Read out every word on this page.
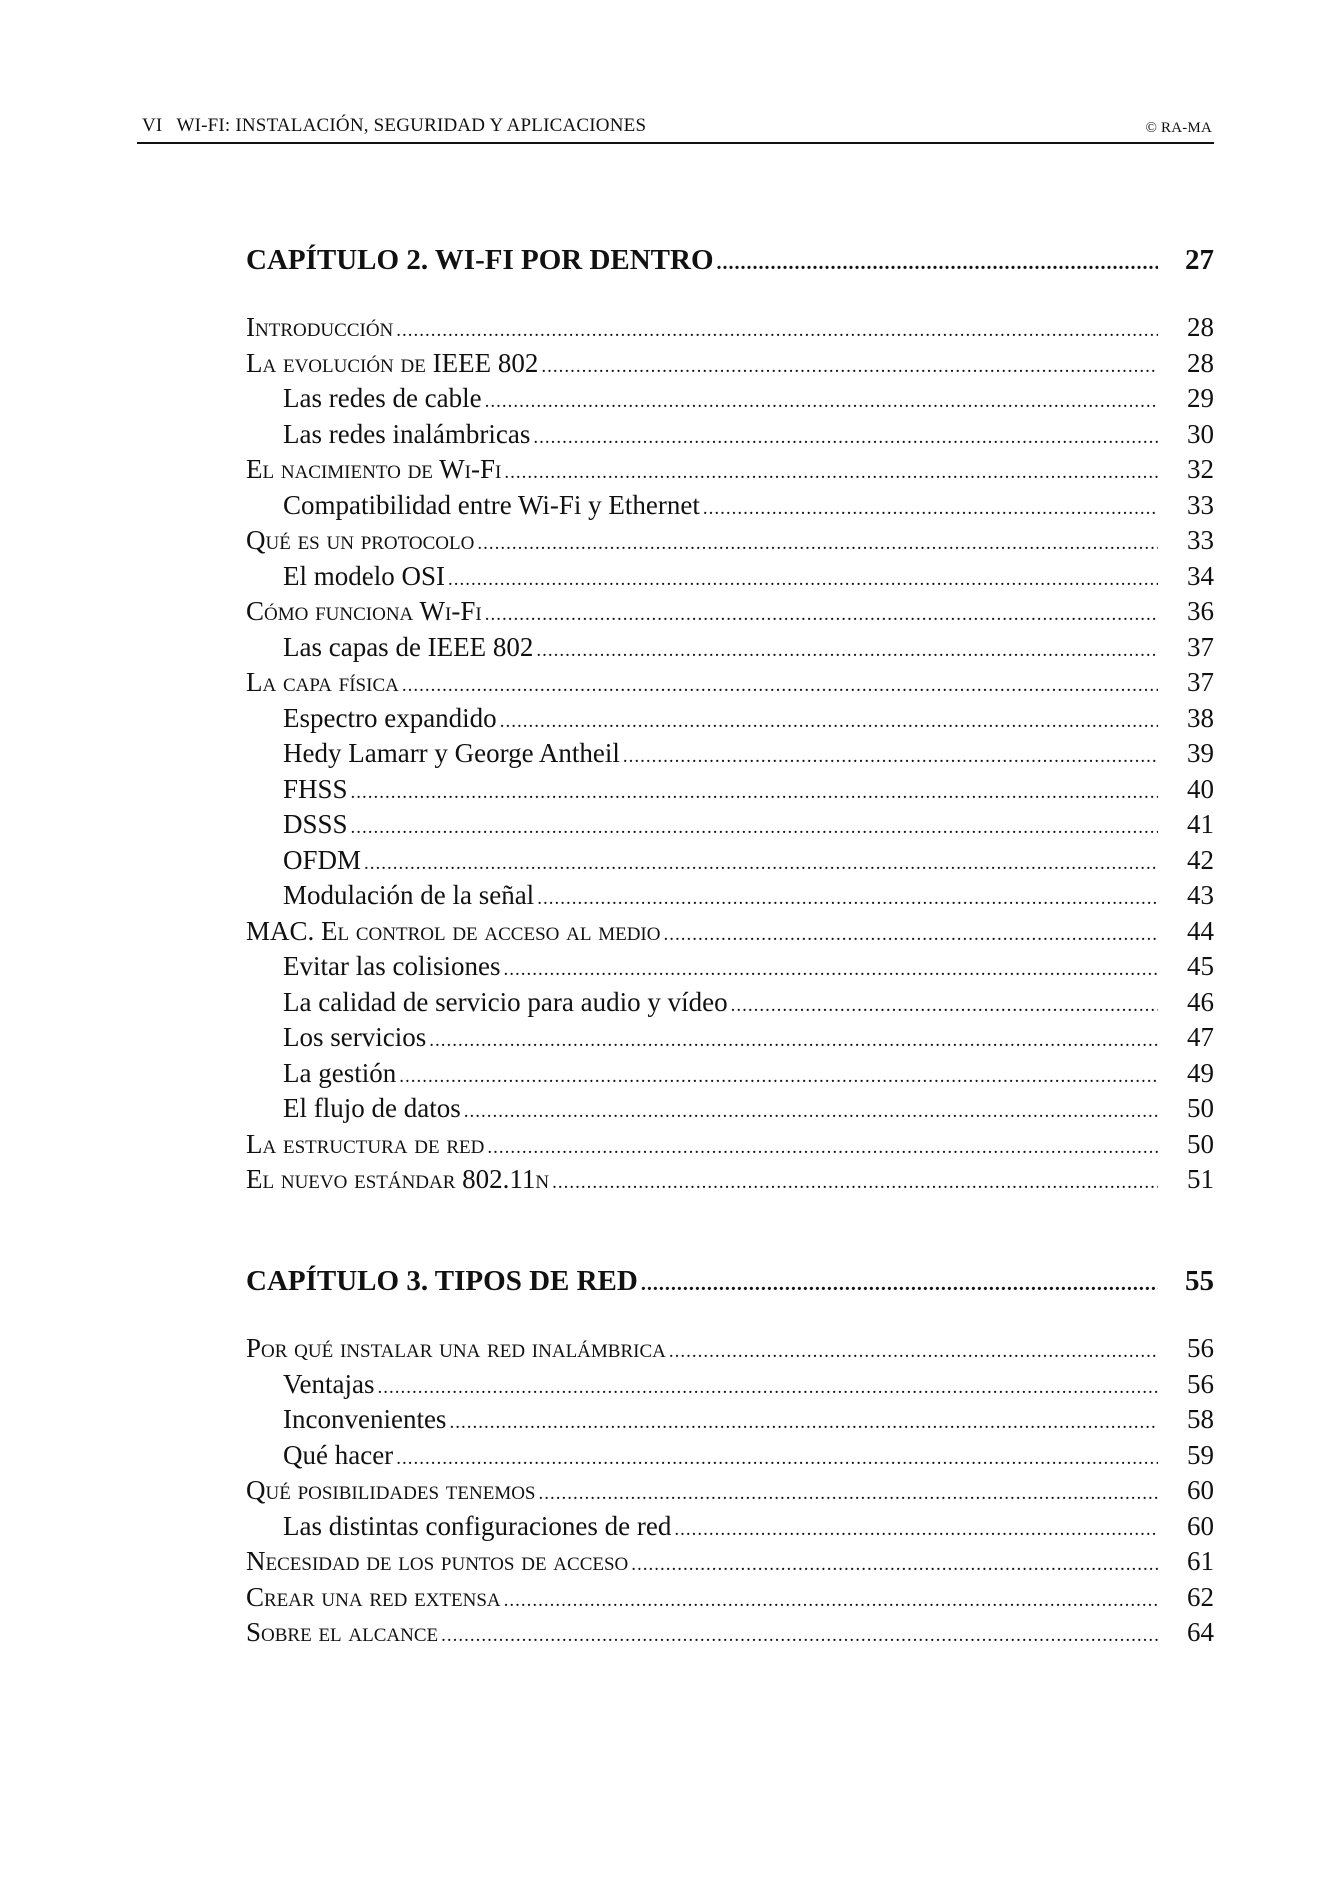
VI WI-FI: INSTALACIÓN, SEGURIDAD Y APLICACIONES	© RA-MA
CAPÍTULO 2. WI-FI POR DENTRO .....	27
Introducción .....	28
La evolución de IEEE 802 .....	28
Las redes de cable .....	29
Las redes inalámbricas .....	30
El nacimiento de Wi-Fi .....	32
Compatibilidad entre Wi-Fi y Ethernet .....	33
Qué es un protocolo .....	33
El modelo OSI .....	34
Cómo funciona Wi-Fi .....	36
Las capas de IEEE 802 .....	37
La capa física .....	37
Espectro expandido .....	38
Hedy Lamarr y George Antheil .....	39
FHSS .....	40
DSSS .....	41
OFDM .....	42
Modulación de la señal .....	43
MAC. El control de acceso al medio .....	44
Evitar las colisiones .....	45
La calidad de servicio para audio y vídeo .....	46
Los servicios .....	47
La gestión .....	49
El flujo de datos .....	50
La estructura de red .....	50
El nuevo estándar 802.11n .....	51
CAPÍTULO 3. TIPOS DE RED .....	55
Por qué instalar una red inalámbrica .....	56
Ventajas .....	56
Inconvenientes .....	58
Qué hacer .....	59
Qué posibilidades tenemos .....	60
Las distintas configuraciones de red .....	60
Necesidad de los puntos de acceso .....	61
Crear una red extensa .....	62
Sobre el alcance .....	64
